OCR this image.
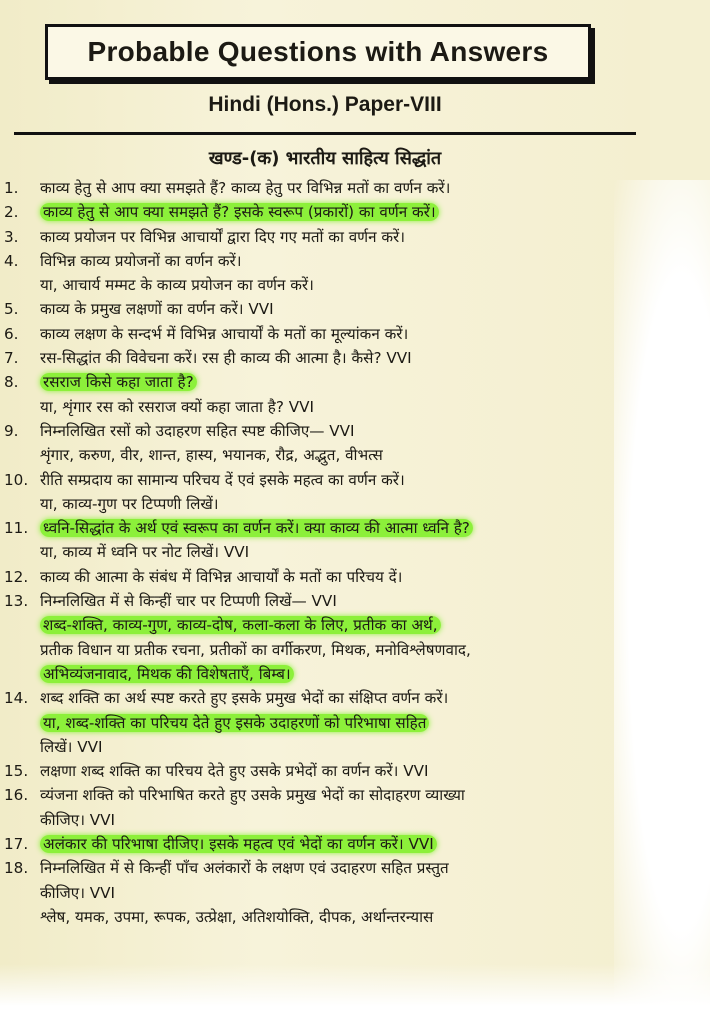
Probable Questions with Answers
Hindi (Hons.) Paper-VIII
खण्ड-(क) भारतीय साहित्य सिद्धांत
1.	काव्य हेतु से आप क्या समझते हैं? काव्य हेतु पर विभिन्न मतों का वर्णन करें।
2.	काव्य हेतु से आप क्या समझते हैं? इसके स्वरूप (प्रकारों) का वर्णन करें।
3.	काव्य प्रयोजन पर विभिन्न आचार्यों द्वारा दिए गए मतों का वर्णन करें।
4.	विभिन्न काव्य प्रयोजनों का वर्णन करें।
या, आचार्य मम्मट के काव्य प्रयोजन का वर्णन करें।
5.	काव्य के प्रमुख लक्षणों का वर्णन करें। VVI
6.	काव्य लक्षण के सन्दर्भ में विभिन्न आचार्यों के मतों का मूल्यांकन करें।
7.	रस-सिद्धांत की विवेचना करें। रस ही काव्य की आत्मा है। कैसे? VVI
8.	रसराज किसे कहा जाता है?
या, शृंगार रस को रसराज क्यों कहा जाता है? VVI
9.	निम्नलिखित रसों को उदाहरण सहित स्पष्ट कीजिए— VVI
शृंगार, करुण, वीर, शान्त, हास्य, भयानक, रौद्र, अद्भुत, वीभत्स
10. रीति सम्प्रदाय का सामान्य परिचय दें एवं इसके महत्व का वर्णन करें।
या, काव्य-गुण पर टिप्पणी लिखें।
11. ध्वनि-सिद्धांत के अर्थ एवं स्वरूप का वर्णन करें। क्या काव्य की आत्मा ध्वनि है?
या, काव्य में ध्वनि पर नोट लिखें। VVI
12. काव्य की आत्मा के संबंध में विभिन्न आचार्यों के मतों का परिचय दें।
13. निम्नलिखित में से किन्हीं चार पर टिप्पणी लिखें— VVI
शब्द-शक्ति, काव्य-गुण, काव्य-दोष, कला-कला के लिए, प्रतीक का अर्थ,
प्रतीक विधान या प्रतीक रचना, प्रतीकों का वर्गीकरण, मिथक, मनोविश्लेषणवाद,
अभिव्यंजनावाद, मिथक की विशेषताएँ, बिम्ब।
14. शब्द शक्ति का अर्थ स्पष्ट करते हुए इसके प्रमुख भेदों का संक्षिप्त वर्णन करें।
या, शब्द-शक्ति का परिचय देते हुए इसके उदाहरणों को परिभाषा सहित
लिखें। VVI
15. लक्षणा शब्द शक्ति का परिचय देते हुए उसके प्रभेदों का वर्णन करें। VVI
16. व्यंजना शक्ति को परिभाषित करते हुए उसके प्रमुख भेदों का सोदाहरण व्याख्या
कीजिए। VVI
17. अलंकार की परिभाषा दीजिए। इसके महत्व एवं भेदों का वर्णन करें। VVI
18. निम्नलिखित में से किन्हीं पाँच अलंकारों के लक्षण एवं उदाहरण सहित प्रस्तुत
कीजिए। VVI
श्लेष, यमक, उपमा, रूपक, उत्प्रेक्षा, अतिशयोक्ति, दीपक, अर्थान्तरन्यास
